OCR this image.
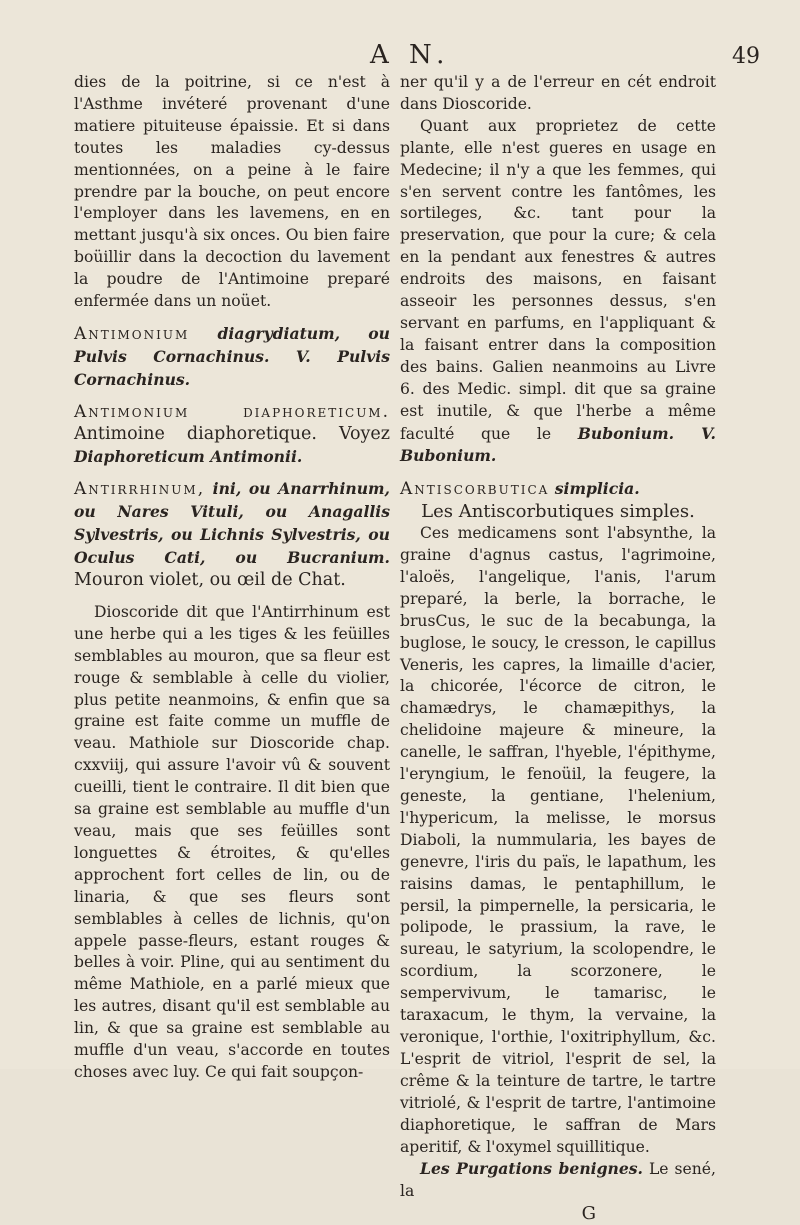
A N.	49

dies de la poitrine, si ce n'est à l'Asthme invéteré provenant d'une matiere pituiteuse épaissie. Et si dans toutes les maladies cy-dessus mentionnées, on a peine à le faire prendre par la bouche, on peut encore l'employer dans les lavemens, en en mettant jusqu'à six onces. Ou bien faire boüillir dans la decoction du lavement la poudre de l'Antimoine preparé enfermée dans un noüet.

Antimonium diagrydiatum, ou Pulvis Cornachinus. V. Pulvis Cornachinus.

Antimonium diaphoreticum. Antimoine diaphoretique. Voyez Diaphoreticum Antimonii.

Antirrhinum, ini, ou Anarrhinum, ou Nares Vituli, ou Anagallis Sylvestris, ou Lichnis Sylvestris, ou Oculus Cati, ou Bucranium. Mouron violet, ou œil de Chat.

Dioscoride dit que l'Antirrhinum est une herbe qui a les tiges & les feüilles semblables au mouron, que sa fleur est rouge & semblable à celle du violier, plus petite neanmoins, & enfin que sa graine est faite comme un muffle de veau. Mathiole sur Dioscoride chap. cxxviij, qui assure l'avoir vû & souvent cueilli, tient le contraire. Il dit bien que sa graine est semblable au muffle d'un veau, mais que ses feüilles sont longuettes & étroites, & qu'elles approchent fort celles de lin, ou de linaria, & que ses fleurs sont semblables à celles de lichnis, qu'on appele passe-fleurs, estant rouges & belles à voir. Pline, qui au sentiment du même Mathiole, en a parlé mieux que les autres, disant qu'il est semblable au lin, & que sa graine est semblable au muffle d'un veau, s'accorde en toutes choses avec luy. Ce qui fait soupçon-

ner qu'il y a de l'erreur en cét endroit dans Dioscoride.

Quant aux proprietez de cette plante, elle n'est gueres en usage en Medecine; il n'y a que les femmes, qui s'en servent contre les fantômes, les sortileges, &c. tant pour la preservation, que pour la cure; & cela en la pendant aux fenestres & autres endroits des maisons, en faisant asseoir les personnes dessus, s'en servant en parfums, en l'appliquant & la faisant entrer dans la composition des bains. Galien neanmoins au Livre 6. des Medic. simpl. dit que sa graine est inutile, & que l'herbe a même faculté que le Bubonium. V. Bubonium.

Antiscorbutica simplicia.

Les Antiscorbutiques simples.

Ces medicamens sont l'absynthe, la graine d'agnus castus, l'agrimoine, l'aloës, l'angelique, l'anis, l'arum preparé, la berle, la borrache, le brusCus, le suc de la becabunga, la buglose, le soucy, le cresson, le capillus Veneris, les capres, la limaille d'acier, la chicorée, l'écorce de citron, le chamædrys, le chamæpithys, la chelidoine majeure & mineure, la canelle, le saffran, l'hyeble, l'épithyme, l'eryngium, le fenoüil, la feugere, la geneste, la gentiane, l'helenium, l'hypericum, la melisse, le morsus Diaboli, la nummularia, les bayes de genevre, l'iris du païs, le lapathum, les raisins damas, le pentaphillum, le persil, la pimpernelle, la persicaria, le polipode, le prassium, la rave, le sureau, le satyrium, la scolopendre, le scordium, la scorzonere, le sempervivum, le tamarisc, le taraxacum, le thym, la vervaine, la veronique, l'orthie, l'oxitriphyllum, &c. L'esprit de vitriol, l'esprit de sel, la crême & la teinture de tartre, le tartre vitriolé, & l'esprit de tartre, l'antimoine diaphoretique, le saffran de Mars aperitif, & l'oxymel squillitique.

Les Purgations benignes. Le sené, la

G
